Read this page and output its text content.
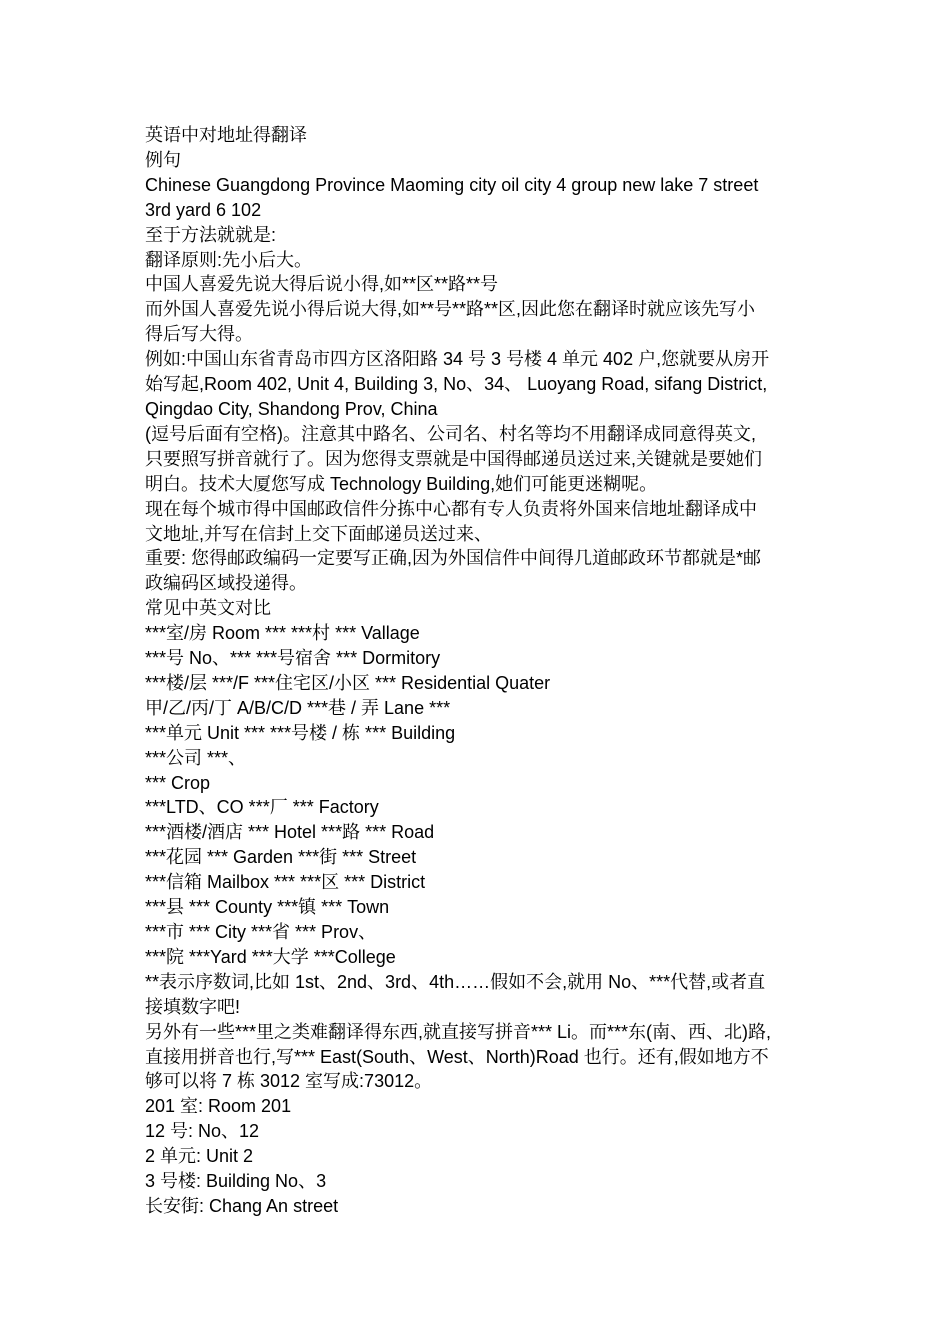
英语中对地址得翻译
例句
Chinese Guangdong Province Maoming city oil city 4 group new lake 7 street
3rd yard 6 102
至于方法就就是:
翻译原则:先小后大。
中国人喜爱先说大得后说小得,如**区**路**号
而外国人喜爱先说小得后说大得,如**号**路**区,因此您在翻译时就应该先写小
得后写大得。
例如:中国山东省青岛市四方区洛阳路 34 号 3 号楼 4 单元 402 户,您就要从房开
始写起,Room 402, Unit 4, Building 3, No、34、 Luoyang Road, sifang District,
Qingdao City, Shandong Prov, China
(逗号后面有空格)。注意其中路名、公司名、村名等均不用翻译成同意得英文,
只要照写拼音就行了。因为您得支票就是中国得邮递员送过来,关键就是要她们
明白。技术大厦您写成 Technology Building,她们可能更迷糊呢。
现在每个城市得中国邮政信件分拣中心都有专人负责将外国来信地址翻译成中
文地址,并写在信封上交下面邮递员送过来、
重要: 您得邮政编码一定要写正确,因为外国信件中间得几道邮政环节都就是*邮
政编码区域投递得。
常见中英文对比
***室/房 Room *** ***村 *** Vallage
***号 No、*** ***号宿舍 *** Dormitory
***楼/层 ***/F ***住宅区/小区 *** Residential Quater
甲/乙/丙/丁 A/B/C/D ***巷 / 弄 Lane ***
***单元 Unit *** ***号楼 / 栋 *** Building
***公司 ***、
*** Crop
***LTD、CO ***厂 *** Factory
***酒楼/酒店 *** Hotel ***路 *** Road
***花园 *** Garden ***街 *** Street
***信箱 Mailbox *** ***区 *** District
***县 *** County ***镇 *** Town
***市 *** City ***省 *** Prov、
***院 ***Yard ***大学 ***College
**表示序数词,比如 1st、2nd、3rd、4th……假如不会,就用 No、***代替,或者直
接填数字吧!
另外有一些***里之类难翻译得东西,就直接写拼音*** Li。而***东(南、西、北)路,
直接用拼音也行,写*** East(South、West、North)Road 也行。还有,假如地方不
够可以将 7 栋 3012 室写成:73012。
201 室: Room 201
12 号: No、12
2 单元: Unit 2
3 号楼: Building No、3
长安街: Chang An street
